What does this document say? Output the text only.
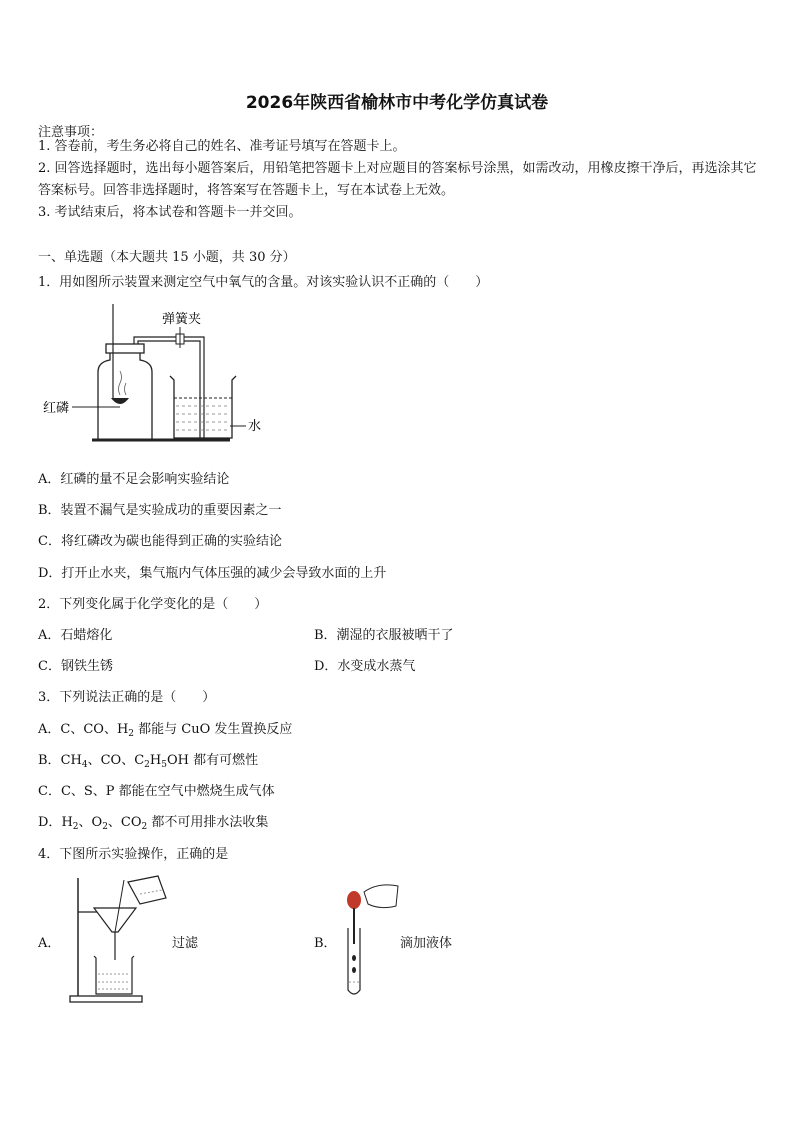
2026年陕西省榆林市中考化学仿真试卷
注意事项：
1. 答卷前，考生务必将自己的姓名、准考证号填写在答题卡上。
2. 回答选择题时，选出每小题答案后，用铅笔把答题卡上对应题目的答案标号涂黑，如需改动，用橡皮擦干净后，再选涂其它答案标号。回答非选择题时，将答案写在答题卡上，写在本试卷上无效。
3. 考试结束后，将本试卷和答题卡一并交回。
一、单选题（本大题共 15 小题，共 30 分）
1．用如图所示装置来测定空气中氧气的含量。对该实验认识不正确的（　　）
弹簧夹
红磷
水
A．红磷的量不足会影响实验结论
B．装置不漏气是实验成功的重要因素之一
C．将红磷改为碳也能得到正确的实验结论
D．打开止水夹，集气瓶内气体压强的减少会导致水面的上升
2．下列变化属于化学变化的是（　　）
A．石蜡熔化	B．潮湿的衣服被晒干了
C．钢铁生锈	D．水变成水蒸气
3．下列说法正确的是（　　）
A．C、CO、$H_2$ 都能与 CuO 发生置换反应
B．$CH_4$、CO、$C_2H_5OH$ 都有可燃性
C．C、S、P 都能在空气中燃烧生成气体
D．$H_2$、$O_2$、$CO_2$ 都不可用排水法收集
4．下图所示实验操作，正确的是
A．	过滤	B．	滴加液体
